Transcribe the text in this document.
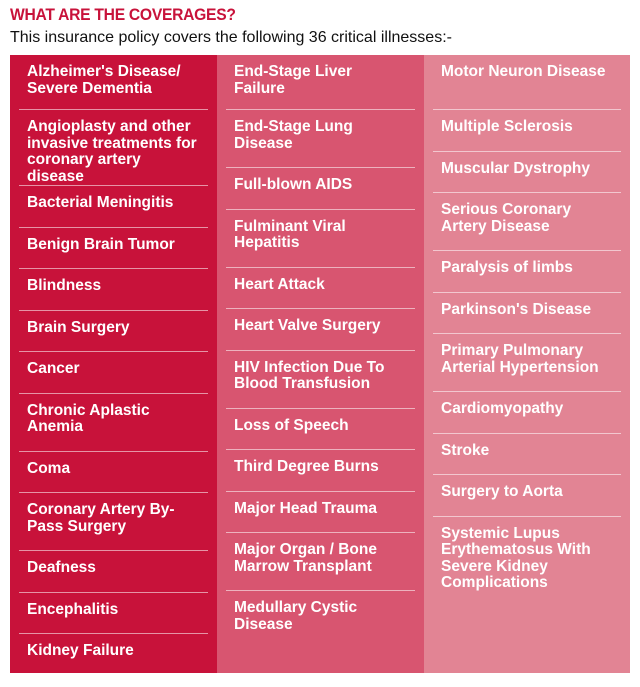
WHAT ARE THE COVERAGES?
This insurance policy covers the following 36 critical illnesses:-
Alzheimer's Disease/ Severe Dementia
Angioplasty and other invasive treatments for coronary artery disease
Bacterial Meningitis
Benign Brain Tumor
Blindness
Brain Surgery
Cancer
Chronic Aplastic Anemia
Coma
Coronary Artery By-Pass Surgery
Deafness
Encephalitis
Kidney Failure
End-Stage Liver Failure
End-Stage Lung Disease
Full-blown AIDS
Fulminant Viral Hepatitis
Heart Attack
Heart Valve Surgery
HIV Infection Due To Blood Transfusion
Loss of Speech
Third Degree Burns
Major Head Trauma
Major Organ / Bone Marrow Transplant
Medullary Cystic Disease
Motor Neuron Disease
Multiple Sclerosis
Muscular Dystrophy
Serious Coronary Artery Disease
Paralysis of limbs
Parkinson's Disease
Primary Pulmonary Arterial Hypertension
Cardiomyopathy
Stroke
Surgery to Aorta
Systemic Lupus Erythematosus With Severe Kidney Complications
